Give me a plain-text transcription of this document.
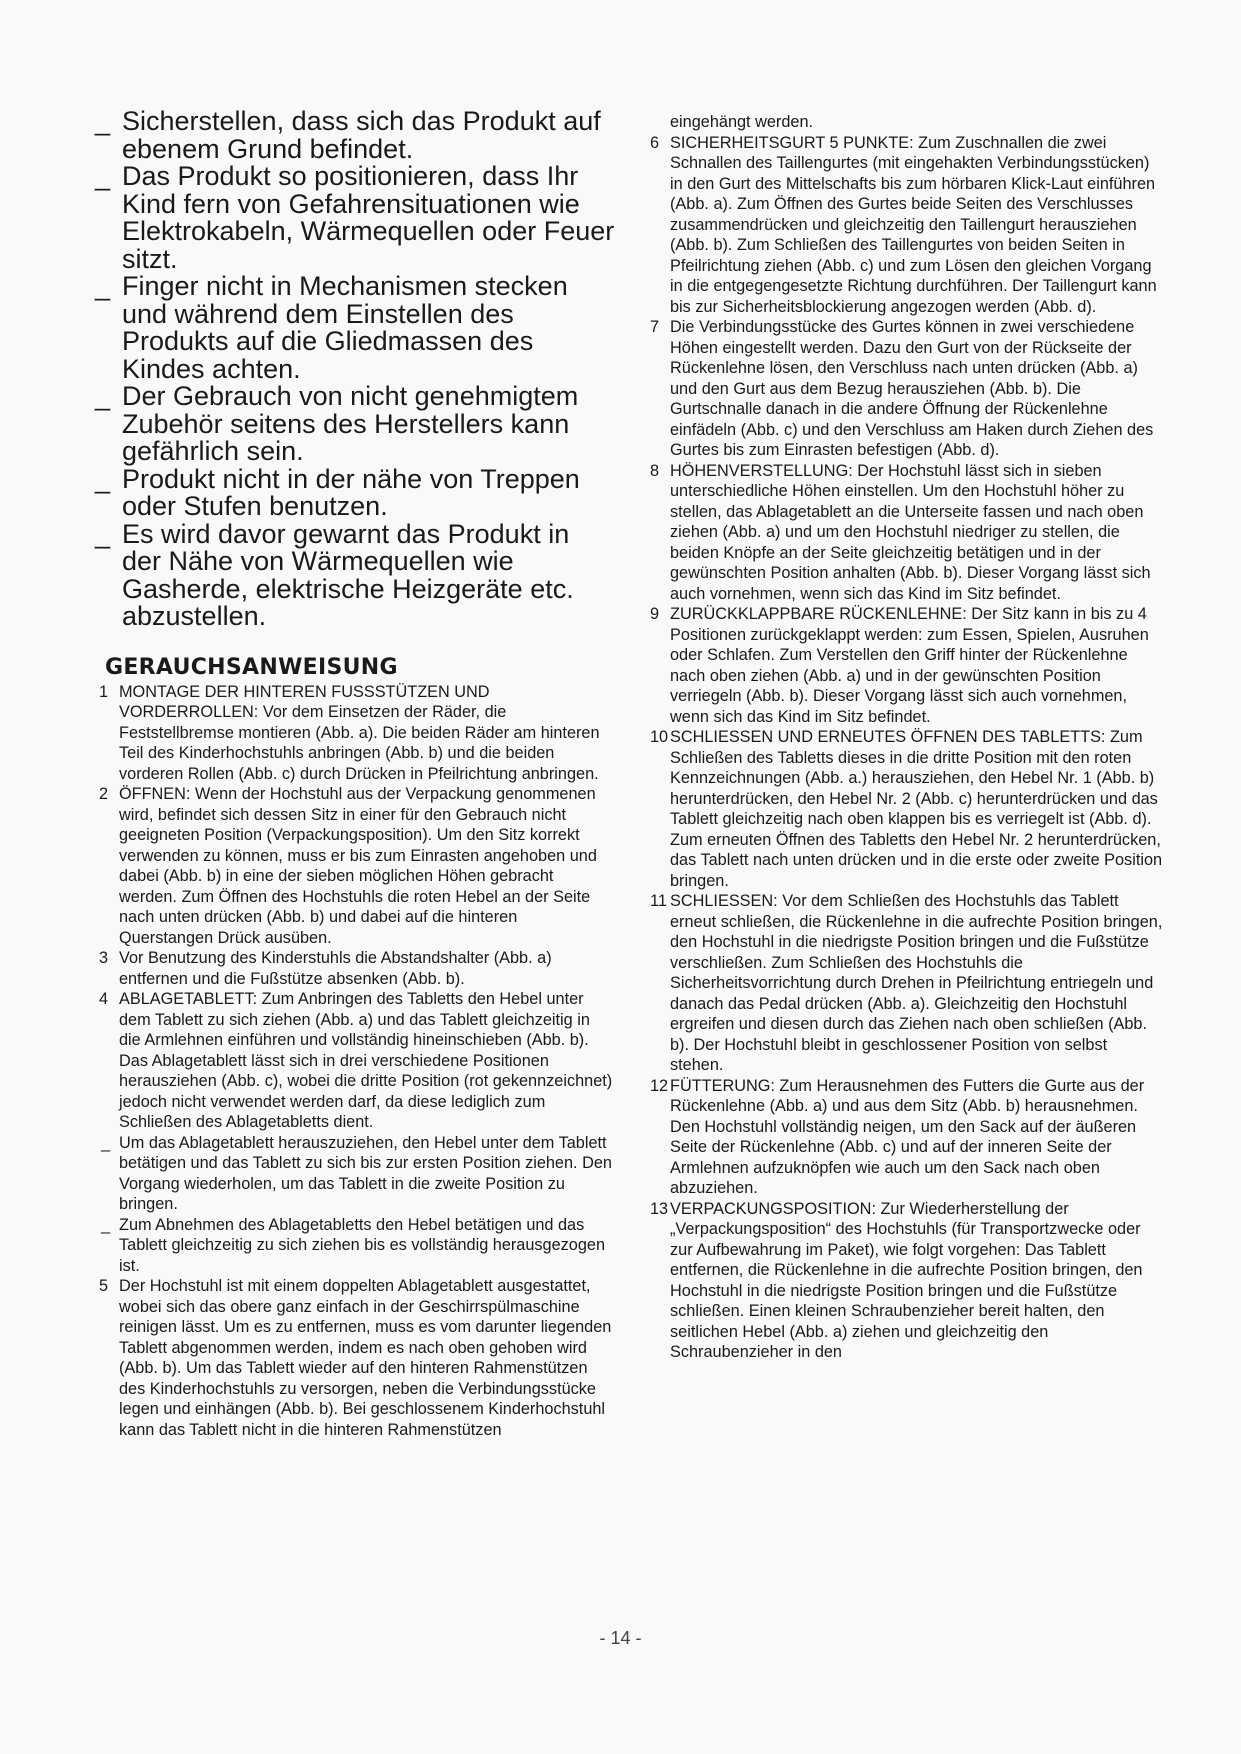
_ Sicherstellen, dass sich das Produkt auf ebenem Grund befindet.
_ Das Produkt so positionieren, dass Ihr Kind fern von Gefahrensituationen wie Elektrokabeln, Wärmequellen oder Feuer sitzt.
_ Finger nicht in Mechanismen stecken und während dem Einstellen des Produkts auf die Gliedmassen des Kindes achten.
_ Der Gebrauch von nicht genehmigtem Zubehör seitens des Herstellers kann gefährlich sein.
_ Produkt nicht in der nähe von Treppen oder Stufen benutzen.
_ Es wird davor gewarnt das Produkt in der Nähe von Wärmequellen wie Gasherde, elektrische Heizgeräte etc. abzustellen.
GERAUCHSANWEISUNG
1 MONTAGE DER HINTEREN FUSSSTÜTZEN UND VORDERROLLEN: Vor dem Einsetzen der Räder, die Feststellbremse montieren (Abb. a). Die beiden Räder am hinteren Teil des Kinderhochstuhls anbringen (Abb. b) und die beiden vorderen Rollen (Abb. c) durch Drücken in Pfeilrichtung anbringen.
2 ÖFFNEN: Wenn der Hochstuhl aus der Verpackung genommenen wird, befindet sich dessen Sitz in einer für den Gebrauch nicht geeigneten Position (Verpackungsposition). Um den Sitz korrekt verwenden zu können, muss er bis zum Einrasten angehoben und dabei (Abb. b) in eine der sieben möglichen Höhen gebracht werden. Zum Öffnen des Hochstuhls die roten Hebel an der Seite nach unten drücken (Abb. b) und dabei auf die hinteren Querstangen Drück ausüben.
3 Vor Benutzung des Kinderstuhls die Abstandshalter (Abb. a) entfernen und die Fußstütze absenken (Abb. b).
4 ABLAGETABLETT: Zum Anbringen des Tabletts den Hebel unter dem Tablett zu sich ziehen (Abb. a) und das Tablett gleichzeitig in die Armlehnen einführen und vollständig hineinschieben (Abb. b). Das Ablagetablett lässt sich in drei verschiedene Positionen herausziehen (Abb. c), wobei die dritte Position (rot gekennzeichnet) jedoch nicht verwendet werden darf, da diese lediglich zum Schließen des Ablagetabletts dient.
_ Um das Ablagetablett herauszuziehen, den Hebel unter dem Tablett betätigen und das Tablett zu sich bis zur ersten Position ziehen. Den Vorgang wiederholen, um das Tablett in die zweite Position zu bringen.
_ Zum Abnehmen des Ablagetabletts den Hebel betätigen und das Tablett gleichzeitig zu sich ziehen bis es vollständig herausgezogen ist.
5 Der Hochstuhl ist mit einem doppelten Ablagetablett ausgestattet, wobei sich das obere ganz einfach in der Geschirrspülmaschine reinigen lässt. Um es zu entfernen, muss es vom darunter liegenden Tablett abgenommen werden, indem es nach oben gehoben wird (Abb. b). Um das Tablett wieder auf den hinteren Rahmenstützen des Kinderhochstuhls zu versorgen, neben die Verbindungsstücke legen und einhängen (Abb. b). Bei geschlossenem Kinderhochstuhl kann das Tablett nicht in die hinteren Rahmenstützen
eingehängt werden.
6 SICHERHEITSGURT 5 PUNKTE: Zum Zuschnallen die zwei Schnallen des Taillengurtes (mit eingehakten Verbindungsstücken) in den Gurt des Mittelschafts bis zum hörbaren Klick-Laut einführen (Abb. a). Zum Öffnen des Gurtes beide Seiten des Verschlusses zusammendrücken und gleichzeitig den Taillengurt herausziehen (Abb. b). Zum Schließen des Taillengurtes von beiden Seiten in Pfeilrichtung ziehen (Abb. c) und zum Lösen den gleichen Vorgang in die entgegengesetzte Richtung durchführen. Der Taillengurt kann bis zur Sicherheitsblockierung angezogen werden (Abb. d).
7 Die Verbindungsstücke des Gurtes können in zwei verschiedene Höhen eingestellt werden. Dazu den Gurt von der Rückseite der Rückenlehne lösen, den Verschluss nach unten drücken (Abb. a) und den Gurt aus dem Bezug herausziehen (Abb. b). Die Gurtschnalle danach in die andere Öffnung der Rückenlehne einfädeln (Abb. c) und den Verschluss am Haken durch Ziehen des Gurtes bis zum Einrasten befestigen (Abb. d).
8 HÖHENVERSTELLUNG: Der Hochstuhl lässt sich in sieben unterschiedliche Höhen einstellen. Um den Hochstuhl höher zu stellen, das Ablagetablett an die Unterseite fassen und nach oben ziehen (Abb. a) und um den Hochstuhl niedriger zu stellen, die beiden Knöpfe an der Seite gleichzeitig betätigen und in der gewünschten Position anhalten (Abb. b). Dieser Vorgang lässt sich auch vornehmen, wenn sich das Kind im Sitz befindet.
9 ZURÜCKKLAPPBARE RÜCKENLEHNE: Der Sitz kann in bis zu 4 Positionen zurückgeklappt werden: zum Essen, Spielen, Ausruhen oder Schlafen. Zum Verstellen den Griff hinter der Rückenlehne nach oben ziehen (Abb. a) und in der gewünschten Position verriegeln (Abb. b). Dieser Vorgang lässt sich auch vornehmen, wenn sich das Kind im Sitz befindet.
10 SCHLIESSEN UND ERNEUTES ÖFFNEN DES TABLETTS: Zum Schließen des Tabletts dieses in die dritte Position mit den roten Kennzeichnungen (Abb. a.) herausziehen, den Hebel Nr. 1 (Abb. b) herunterdrücken, den Hebel Nr. 2 (Abb. c) herunterdrücken und das Tablett gleichzeitig nach oben klappen bis es verriegelt ist (Abb. d). Zum erneuten Öffnen des Tabletts den Hebel Nr. 2 herunterdrücken, das Tablett nach unten drücken und in die erste oder zweite Position bringen.
11 SCHLIESSEN: Vor dem Schließen des Hochstuhls das Tablett erneut schließen, die Rückenlehne in die aufrechte Position bringen, den Hochstuhl in die niedrigste Position bringen und die Fußstütze verschließen. Zum Schließen des Hochstuhls die Sicherheitsvorrichtung durch Drehen in Pfeilrichtung entriegeln und danach das Pedal drücken (Abb. a). Gleichzeitig den Hochstuhl ergreifen und diesen durch das Ziehen nach oben schließen (Abb. b). Der Hochstuhl bleibt in geschlossener Position von selbst stehen.
12 FÜTTERUNG: Zum Herausnehmen des Futters die Gurte aus der Rückenlehne (Abb. a) und aus dem Sitz (Abb. b) herausnehmen. Den Hochstuhl vollständig neigen, um den Sack auf der äußeren Seite der Rückenlehne (Abb. c) und auf der inneren Seite der Armlehnen aufzuknöpfen wie auch um den Sack nach oben abzuziehen.
13 VERPACKUNGSPOSITION: Zur Wiederherstellung der „Verpackungsposition“ des Hochstuhls (für Transportzwecke oder zur Aufbewahrung im Paket), wie folgt vorgehen: Das Tablett entfernen, die Rückenlehne in die aufrechte Position bringen, den Hochstuhl in die niedrigste Position bringen und die Fußstütze schließen. Einen kleinen Schraubenzieher bereit halten, den seitlichen Hebel (Abb. a) ziehen und gleichzeitig den Schraubenzieher in den
- 14 -
